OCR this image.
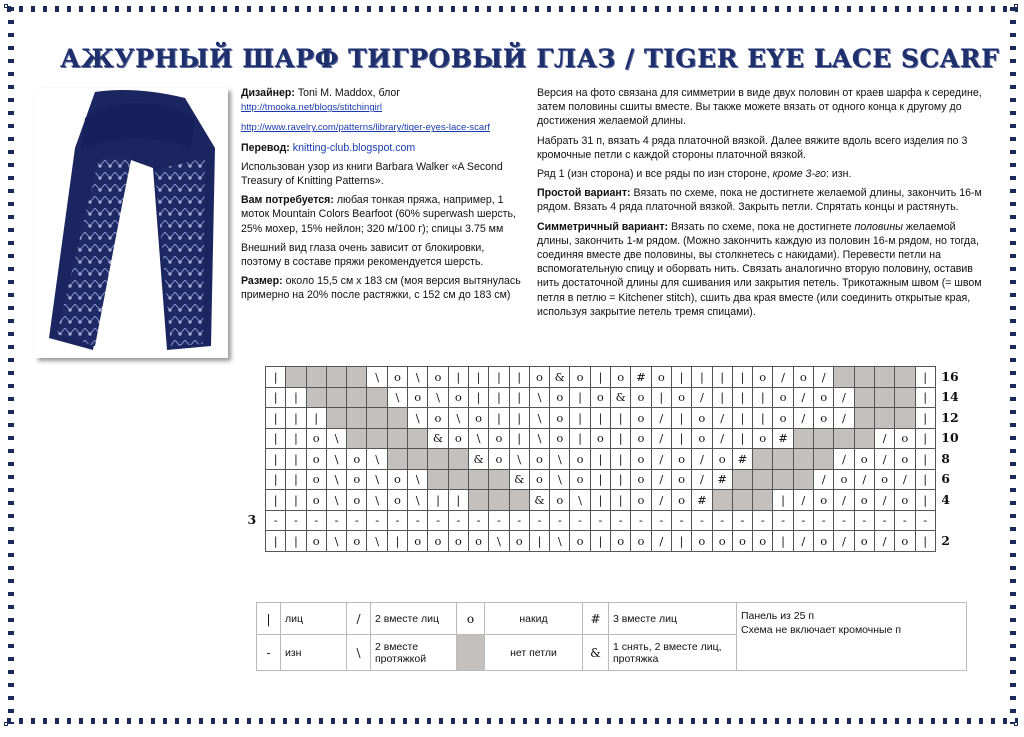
АЖУРНЫЙ ШАРФ ТИГРОВЫЙ ГЛАЗ / TIGER EYE LACE SCARF

Дизайнер: Toni M. Maddox, блог
http://tmooka.net/blogs/stitchingirl

http://www.ravelry.com/patterns/library/tiger-eyes-lace-scarf

Перевод: knitting-club.blogspot.com

Использован узор из книги Barbara Walker «A Second Treasury of Knitting Patterns».

Вам потребуется: любая тонкая пряжа, например, 1 моток Mountain Colors Bearfoot (60% superwash шерсть, 25% мохер, 15% нейлон; 320 м/100 г); спицы 3.75 мм

Внешний вид глаза очень зависит от блокировки, поэтому в составе пряжи рекомендуется шерсть.

Размер: около 15,5 см х 183 см (моя версия вытянулась примерно на 20% после растяжки, с 152 см до 183 см)

Версия на фото связана для симметрии в виде двух половин от краев шарфа к середине, затем половины сшиты вместе. Вы также можете вязать от одного конца к другому до достижения желаемой длины.

Набрать 31 п, вязать 4 ряда платочной вязкой. Далее вяжите вдоль всего изделия по 3 кромочные петли с каждой стороны платочной вязкой.

Ряд 1 (изн сторона) и все ряды по изн стороне, кроме 3-го: изн.

Простой вариант: Вязать по схеме, пока не достигнете желаемой длины, закончить 16-м рядом. Вязать 4 ряда платочной вязкой. Закрыть петли. Спрятать концы и растянуть.

Симметричный вариант: Вязать по схеме, пока не достигнете половины желаемой длины, закончить 1-м рядом. (Можно закончить каждую из половин 16-м рядом, но тогда, соединяя вместе две половины, вы столкнетесь с накидами). Перевести петли на вспомогательную спицу и оборвать нить. Связать аналогично вторую половину, оставив нить достаточной длины для сшивания или закрытия петель. Трикотажным швом (= швом петля в петлю = Kitchener stitch), сшить два края вместе (или соединить открытые края, используя закрытие петель тремя спицами).

|					\	o	\	o	|	|	|	|	o	&	o	|	o	#	o	|	|	|	|	o	/	o	/					|
|	|					\	o	\	o	|	|	|	\	o	|	o	&	o	|	o	/	|	|	|	o	/	o	/				|
|	|	|					\	o	\	o	|	|	\	o	|	|	|	o	/	|	o	/	|	|	o	/	o	/				|
|	|	o	\					&	o	\	o	|	\	o	|	o	|	o	/	|	o	/	|	o	#					/	o	|
|	|	o	\	o	\					&	o	\	o	\	o	|	|	o	/	o	/	o	#					/	o	/	o	|
|	|	o	\	o	\	o	\					&	o	\	o	|	|	o	/	o	/	#					/	o	/	o	/	|
|	|	o	\	o	\	o	\	|	|				&	o	\	|	|	o	/	o	#				|	/	o	/	o	/	o	|
-	-	-	-	-	-	-	-	-	-	-	-	-	-	-	-	-	-	-	-	-	-	-	-	-	-	-	-	-	-	-	-	-
|	|	o	\	o	\	|	o	o	o	o	\	o	|	\	o	|	o	o	/	|	o	o	o	o	|	/	o	/	o	/	o	|
16
14
12
10
8
6
4
3
2
|	лиц	/	2 вместе лиц	o	накид	#	3 вместе лиц	Панель из 25 п
Схема не включает кромочные п

-	изн	\	2 вместе протяжкой		нет петли	&	1 снять, 2 вместе лиц, протяжка	
